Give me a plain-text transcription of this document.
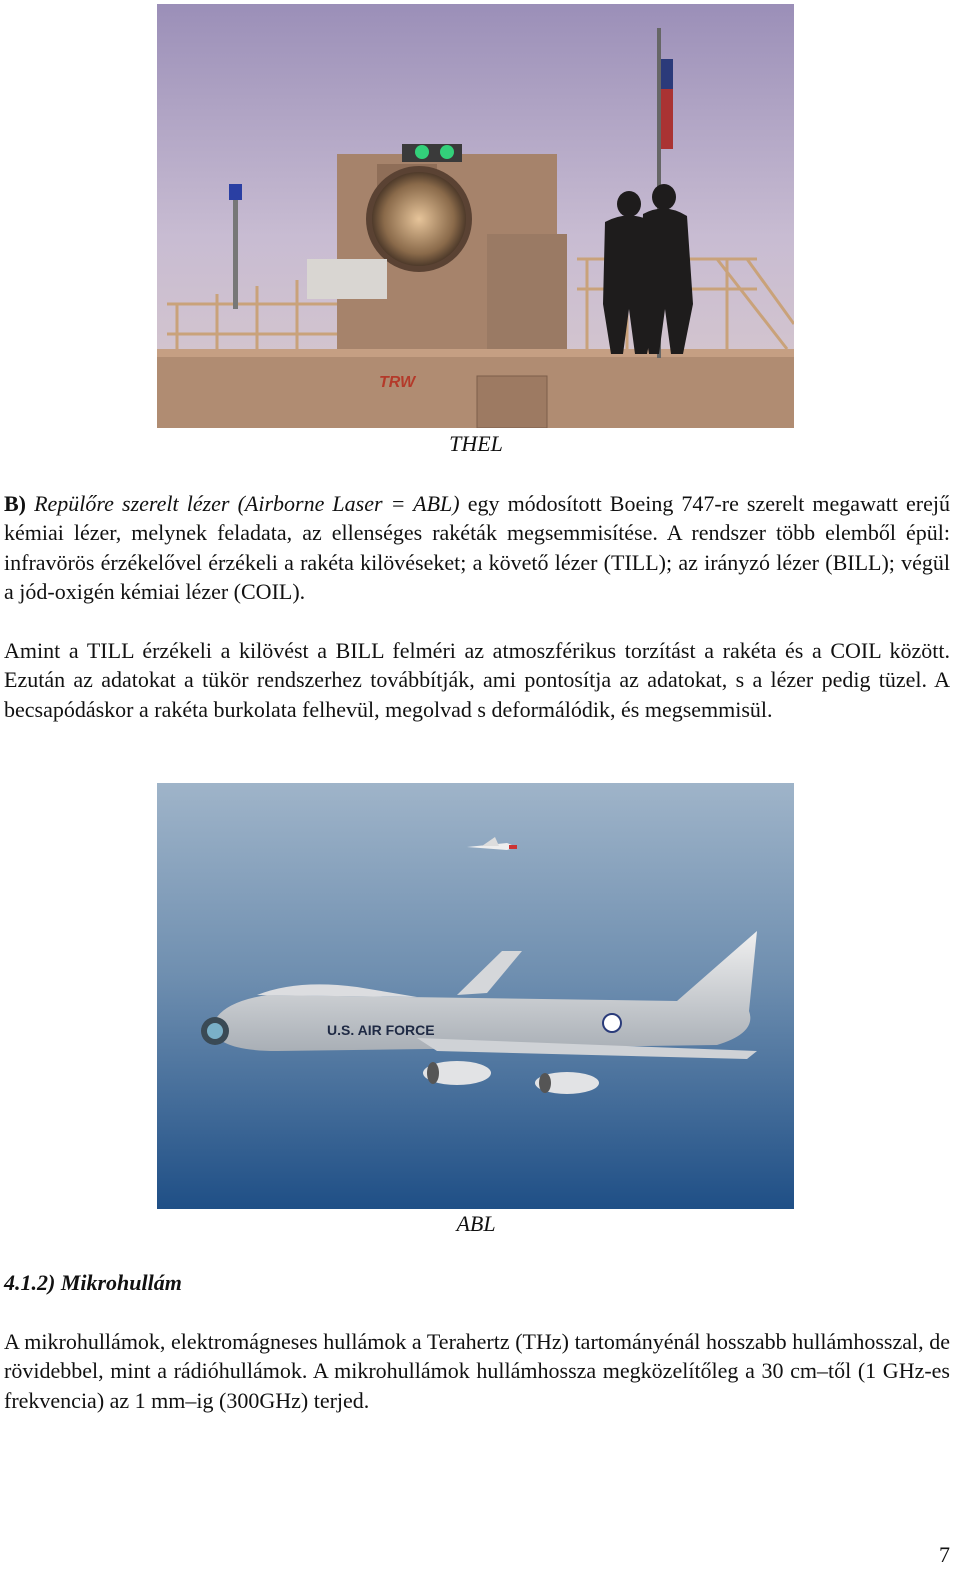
TRW
THEL

B) Repülőre szerelt lézer (Airborne Laser = ABL) egy módosított Boeing 747-re szerelt megawatt erejű kémiai lézer, melynek feladata, az ellenséges rakéták megsemmisítése. A rendszer több elemből épül: infravörös érzékelővel érzékeli a rakéta kilövéseket; a követő lézer (TILL); az irányzó lézer (BILL); végül a jód-oxigén kémiai lézer (COIL).

Amint a TILL érzékeli a kilövést a BILL felméri az atmoszférikus torzítást a rakéta és a COIL között. Ezután az adatokat a tükör rendszerhez továbbítják, ami pontosítja az adatokat, s a lézer pedig tüzel. A becsapódáskor a rakéta burkolata felhevül, megolvad s deformálódik, és megsemmisül.

U.S. AIR FORCE
ABL
4.1.2) Mikrohullám

A mikrohullámok, elektromágneses hullámok a Terahertz (THz) tartományénál hosszabb hullámhosszal, de rövidebbel, mint a rádióhullámok. A mikrohullámok hullámhossza megközelítőleg a 30 cm–től (1 GHz-es frekvencia) az 1 mm–ig (300GHz) terjed.

7
